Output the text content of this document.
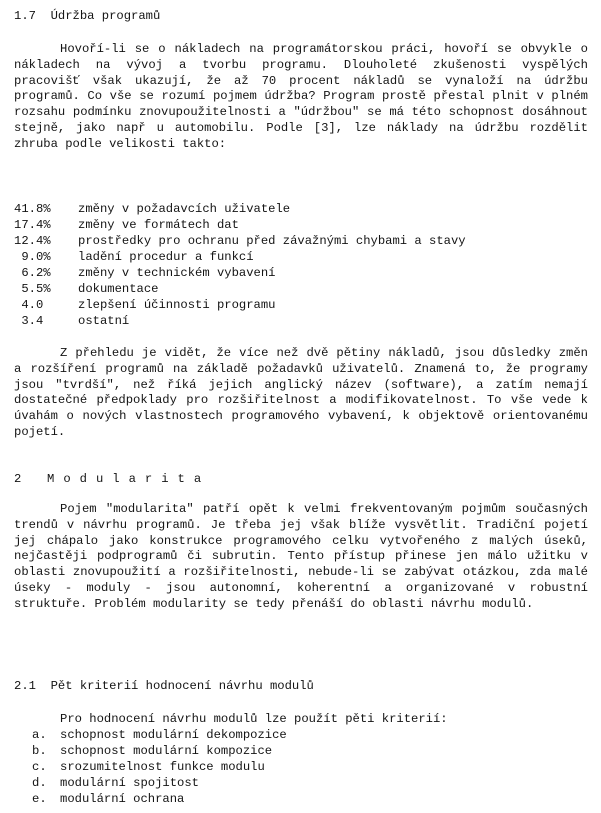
1.7  Údržba programů
Hovoří-li se o nákladech na programátorskou práci, hovoří se obvykle o nákladech na vývoj a tvorbu programu. Dlouholeté zkušenosti vyspělých pracovišť však ukazují, že až 70 procent nákladů se vynaloží na údržbu programů. Co vše se rozumí pojmem údržba? Program prostě přestal plnit v plném rozsahu podmínku znovupoužitelnosti a "údržbou" se má této schopnost dosáhnout stejně, jako např u automobilu. Podle [3], lze náklady na údržbu rozdělit zhruba podle velikosti takto:
41.8% změny v požadavcích uživatele
17.4% změny ve formátech dat
12.4% prostředky pro ochranu před závažnými chybami a stavy
9.0% ladění procedur a funkcí
6.2% změny v technickém vybavení
5.5% dokumentace
4.0	zlepšení účinnosti programu
3.4	ostatní
Z přehledu je vidět, že více než dvě pětiny nákladů, jsou důsledky změn a rozšíření programů na základě požadavků uživatelů. Znamená to, že programy jsou "tvrdší", než říká jejich anglický název (software), a zatím nemají dostatečné předpoklady pro rozšiřitelnost a modifikovatelnost. To vše vede k úvahám o nových vlastnostech programového vybavení, k objektově orientovanému pojetí.
2 Modularita
Pojem "modularita" patří opět k velmi frekventovaným pojmům současných trendů v návrhu programů. Je třeba jej však blíže vysvětlit. Tradiční pojetí jej chápalo jako konstrukce programového celku vytvořeného z malých úseků, nejčastěji podprogramů či subrutin. Tento přístup přinese jen málo užitku v oblasti znovupoužití a rozšiřitelnosti, nebude-li se zabývat otázkou, zda malé úseky - moduly - jsou autonomní, koherentní a organizované v robustní struktuře. Problém modularity se tedy přenáší do oblasti návrhu modulů.
2.1  Pět kriterií hodnocení návrhu modulů
Pro hodnocení návrhu modulů lze použít pěti kriterií:
a. schopnost modulární dekompozice
b. schopnost modulární kompozice
c. srozumitelnost funkce modulu
d. modulární spojitost
e. modulární ochrana
